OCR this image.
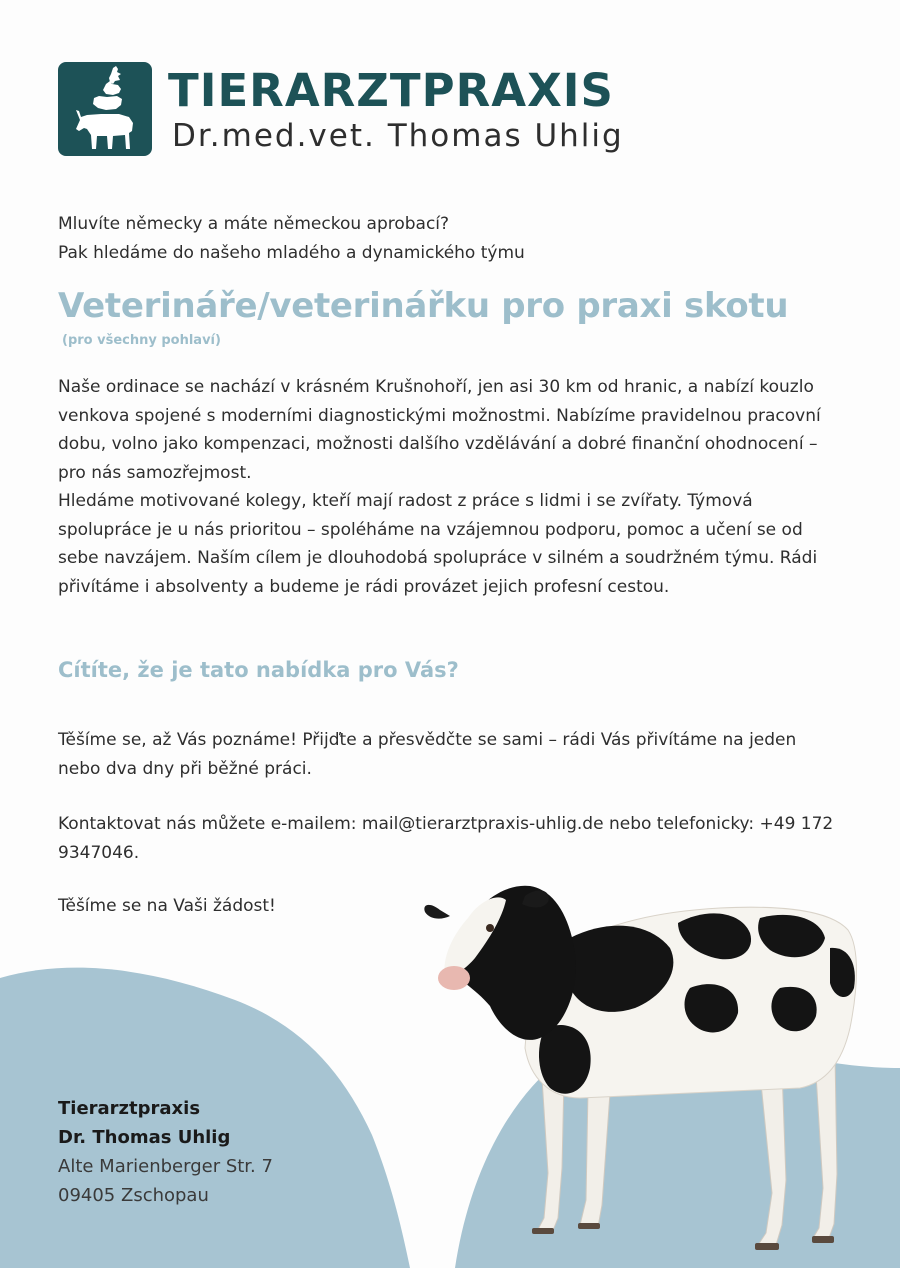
TIERARZTPRAXIS
Dr.med.vet. Thomas Uhlig
Mluvíte německy a máte německou aprobací?
Pak hledáme do našeho mladého a dynamického týmu
Veterináře/veterinářku pro praxi skotu
(pro všechny pohlaví)

Naše ordinace se nachází v krásném Krušnohoří, jen asi 30 km od hranic, a nabízí kouzlo venkova spojené s moderními diagnostickými možnostmi. Nabízíme pravidelnou pracovní dobu, volno jako kompenzaci, možnosti dalšího vzdělávání a dobré finanční ohodnocení – pro nás samozřejmost.

Hledáme motivované kolegy, kteří mají radost z práce s lidmi i se zvířaty. Týmová spolupráce je u nás prioritou – spoléháme na vzájemnou podporu, pomoc a učení se od sebe navzájem. Naším cílem je dlouhodobá spolupráce v silném a soudržném týmu. Rádi přivítáme i absolventy a budeme je rádi provázet jejich profesní cestou.

Cítíte, že je tato nabídka pro Vás?
Těšíme se, až Vás poznáme! Přijďte a přesvědčte se sami – rádi Vás přivítáme na jeden nebo dva dny při běžné práci.
Kontaktovat nás můžete e-mailem: mail@tierarztpraxis-uhlig.de nebo telefonicky: +49 172 9347046.
Těšíme se na Vaši žádost!
Tierarztpraxis
Dr. Thomas Uhlig
Alte Marienberger Str. 7
09405 Zschopau
